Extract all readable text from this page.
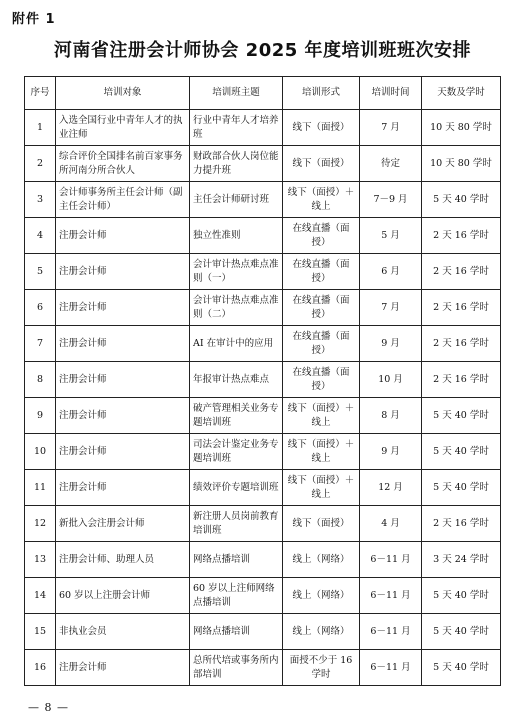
附件 1
河南省注册会计师协会 2025 年度培训班班次安排
序号	培训对象	培训班主题	培训形式	培训时间	天数及学时
1	入选全国行业中青年人才的执业注师	行业中青年人才培养班	线下（面授）	7 月	10 天 80 学时
2	综合评价全国排名前百家事务所河南分所合伙人	财政部合伙人岗位能力提升班	线下（面授）	待定	10 天 80 学时
3	会计师事务所主任会计师（副主任会计师）	主任会计师研讨班	线下（面授）＋线上	7－9 月	5 天 40 学时
4	注册会计师	独立性准则	在线直播（面授）	5 月	2 天 16 学时
5	注册会计师	会计审计热点难点准则（一）	在线直播（面授）	6 月	2 天 16 学时
6	注册会计师	会计审计热点难点准则（二）	在线直播（面授）	7 月	2 天 16 学时
7	注册会计师	AI 在审计中的应用	在线直播（面授）	9 月	2 天 16 学时
8	注册会计师	年报审计热点难点	在线直播（面授）	10 月	2 天 16 学时
9	注册会计师	破产管理相关业务专题培训班	线下（面授）＋线上	8 月	5 天 40 学时
10	注册会计师	司法会计鉴定业务专题培训班	线下（面授）＋线上	9 月	5 天 40 学时
11	注册会计师	绩效评价专题培训班	线下（面授）＋线上	12 月	5 天 40 学时
12	新批入会注册会计师	新注册人员岗前教育培训班	线下（面授）	4 月	2 天 16 学时
13	注册会计师、助理人员	网络点播培训	线上（网络）	6－11 月	3 天 24 学时
14	60 岁以上注册会计师	60 岁以上注师网络点播培训	线上（网络）	6－11 月	5 天 40 学时
15	非执业会员	网络点播培训	线上（网络）	6－11 月	5 天 40 学时
16	注册会计师	总所代培或事务所内部培训	面授不少于 16 学时	6－11 月	5 天 40 学时
— 8 —
